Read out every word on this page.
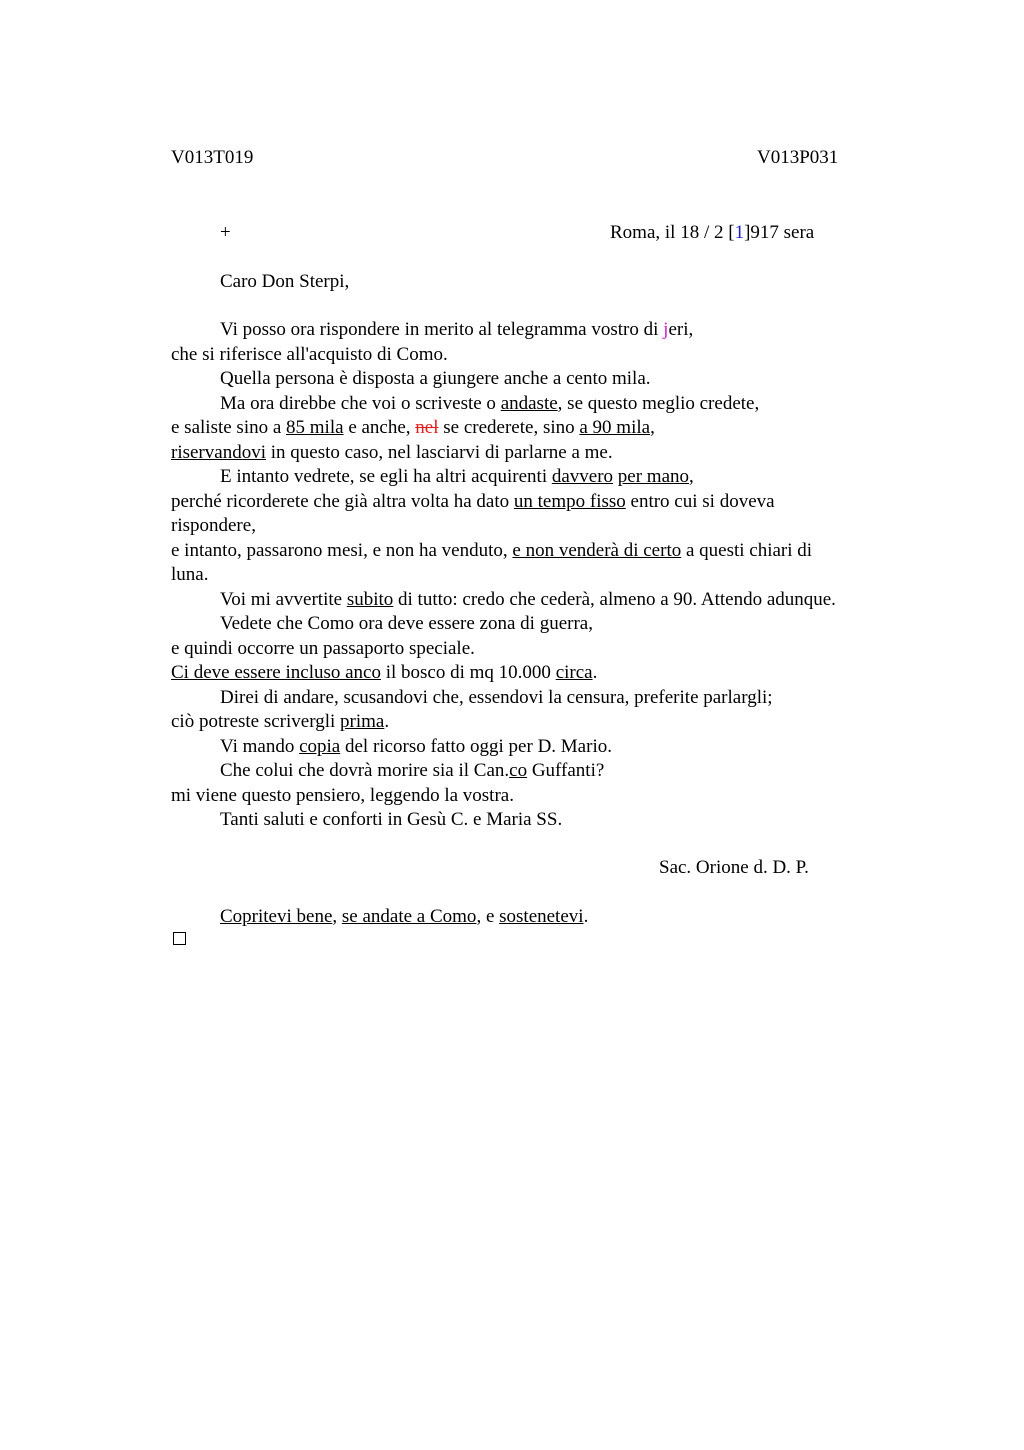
V013T019	V013P031
+	Roma, il 18 / 2 [1]917 sera
Caro Don Sterpi,
Vi posso ora rispondere in merito al telegramma vostro di jeri,
che si riferisce all'acquisto di Como.
Quella persona è disposta a giungere anche a cento mila.
Ma ora direbbe che voi o scriveste o andaste, se questo meglio credete,
e saliste sino a 85 mila e anche, nel se crederete, sino a 90 mila,
riservandovi in questo caso, nel lasciarvi di parlarne a me.
E intanto vedrete, se egli ha altri acquirenti davvero per mano,
perché ricorderete che già altra volta ha dato un tempo fisso entro cui si doveva
rispondere,
e intanto, passarono mesi, e non ha venduto, e non venderà di certo a questi chiari di
luna.
Voi mi avvertite subito di tutto: credo che cederà, almeno a 90. Attendo adunque.
Vedete che Como ora deve essere zona di guerra,
e quindi occorre un passaporto speciale.
Ci deve essere incluso anco il bosco di mq 10.000 circa.
Direi di andare, scusandovi che, essendovi la censura, preferite parlargli;
ciò potreste scrivergli prima.
Vi mando copia del ricorso fatto oggi per D. Mario.
Che colui che dovrà morire sia il Can.co Guffanti?
mi viene questo pensiero, leggendo la vostra.
Tanti saluti e conforti in Gesù C. e Maria SS.
Sac. Orione d. D. P.
Copritevi bene, se andate a Como, e sostenetevi.
